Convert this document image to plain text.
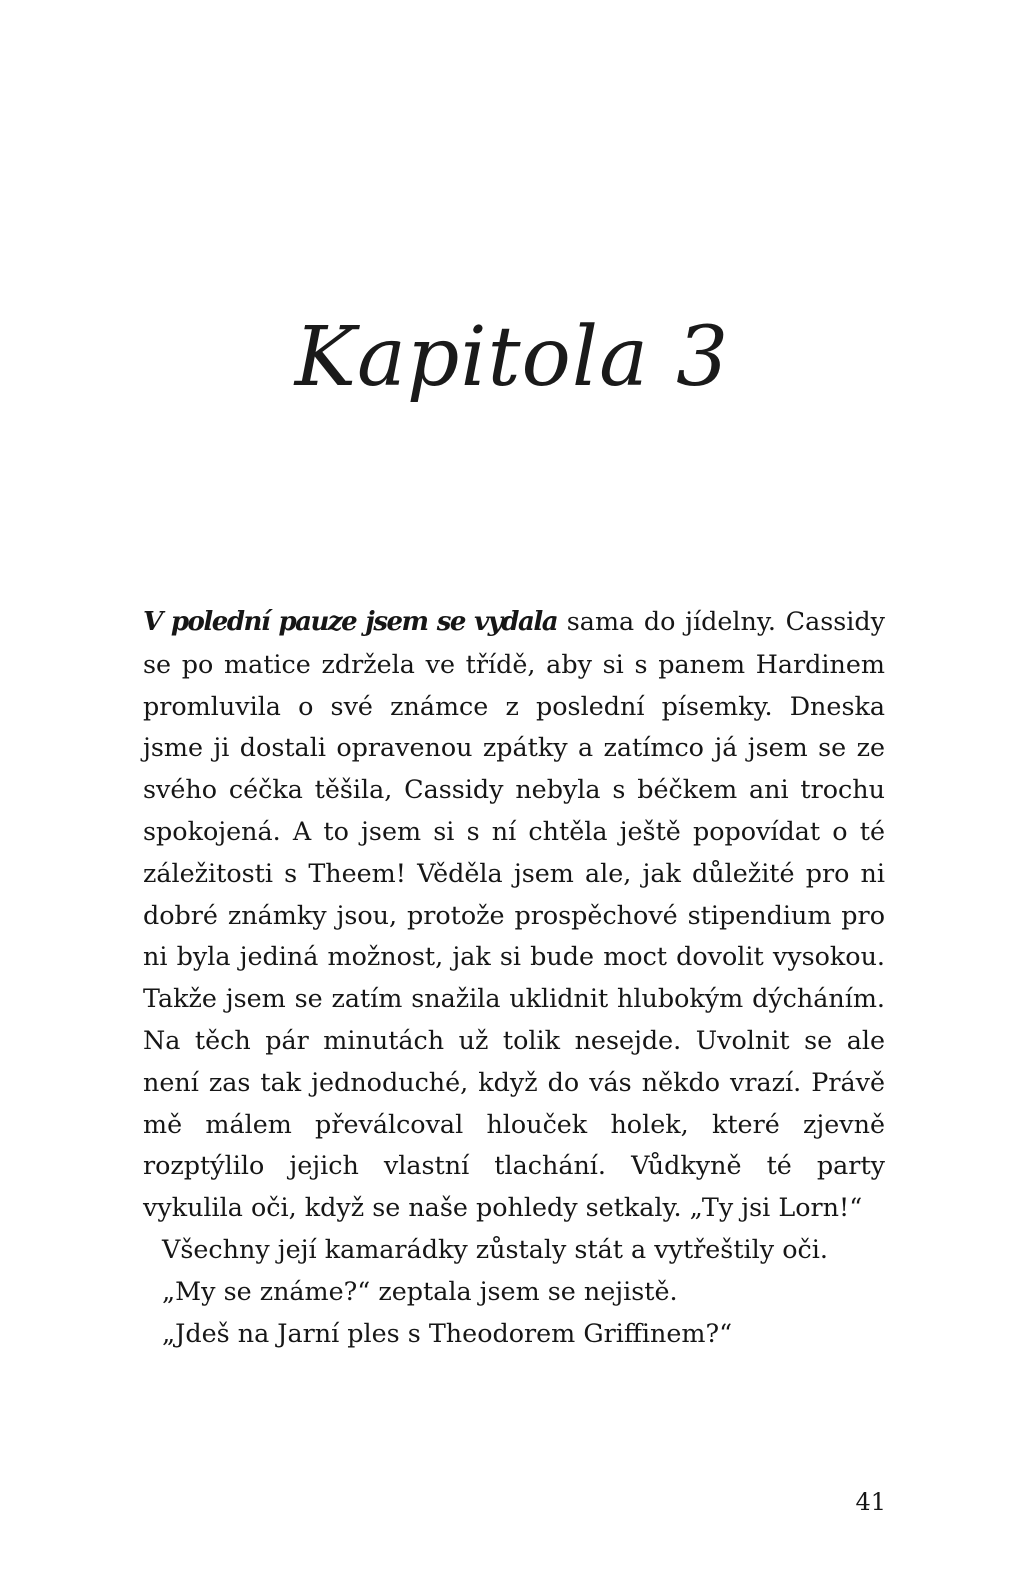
Kapitola 3

V polední pauze jsem se vydala sama do jídelny. Cassidy se po matice zdržela ve třídě, aby si s panem Hardinem promluvila o své známce z poslední písemky. Dneska jsme ji dostali opravenou zpátky a zatímco já jsem se ze svého céčka těšila, Cassidy nebyla s béčkem ani trochu spokojená. A to jsem si s ní chtěla ještě popovídat o té záležitosti s Theem! Věděla jsem ale, jak důležité pro ni dobré známky jsou, protože prospěchové stipendium pro ni byla jediná možnost, jak si bude moct dovolit vysokou. Takže jsem se zatím snažila uklidnit hlubokým dýcháním. Na těch pár minutách už tolik nesejde. Uvolnit se ale není zas tak jednoduché, když do vás někdo vrazí. Právě mě málem převálcoval hlouček holek, které zjevně rozptýlilo jejich vlastní tlachání. Vůdkyně té party vykulila oči, když se naše pohledy setkaly. „Ty jsi Lorn!“

Všechny její kamarádky zůstaly stát a vytřeštily oči.

„My se známe?“ zeptala jsem se nejistě.

„Jdeš na Jarní ples s Theodorem Griffinem?“

41
